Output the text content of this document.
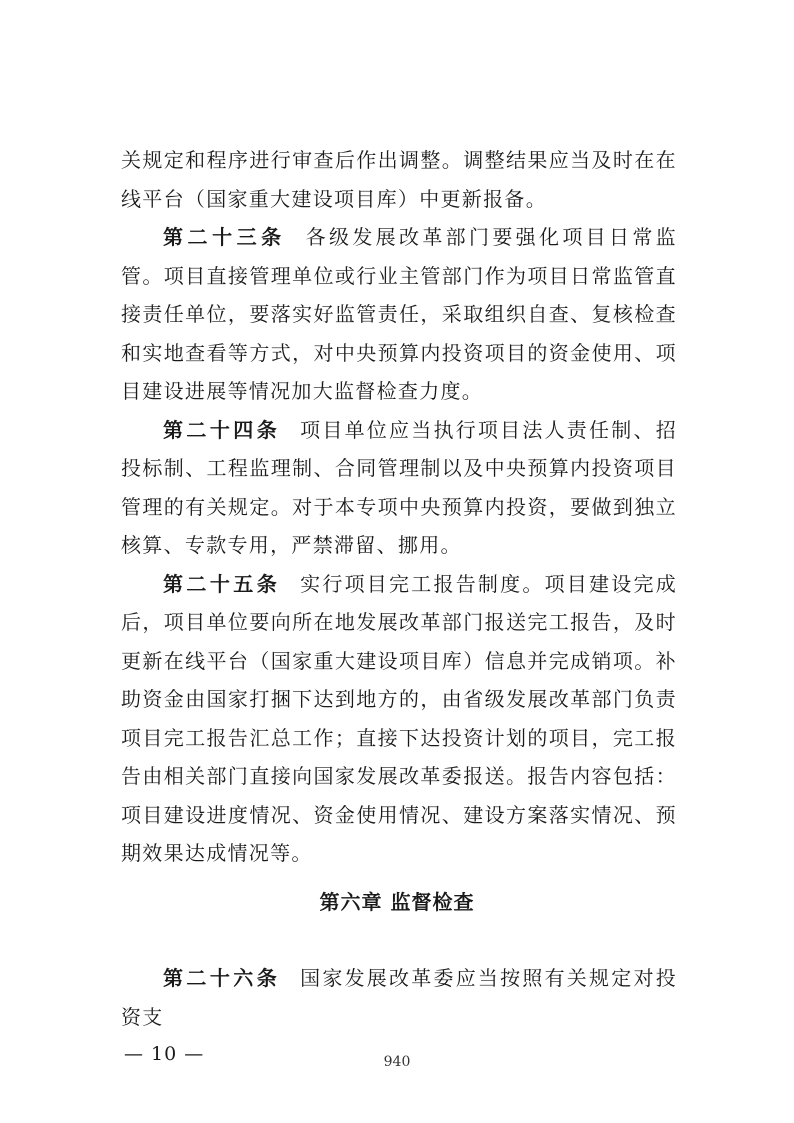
关规定和程序进行审查后作出调整。调整结果应当及时在在线平台（国家重大建设项目库）中更新报备。

第二十三条 各级发展改革部门要强化项目日常监管。项目直接管理单位或行业主管部门作为项目日常监管直接责任单位，要落实好监管责任，采取组织自查、复核检查和实地查看等方式，对中央预算内投资项目的资金使用、项目建设进展等情况加大监督检查力度。

第二十四条 项目单位应当执行项目法人责任制、招投标制、工程监理制、合同管理制以及中央预算内投资项目管理的有关规定。对于本专项中央预算内投资，要做到独立核算、专款专用，严禁滞留、挪用。

第二十五条 实行项目完工报告制度。项目建设完成后，项目单位要向所在地发展改革部门报送完工报告，及时更新在线平台（国家重大建设项目库）信息并完成销项。补助资金由国家打捆下达到地方的，由省级发展改革部门负责项目完工报告汇总工作；直接下达投资计划的项目，完工报告由相关部门直接向国家发展改革委报送。报告内容包括：项目建设进度情况、资金使用情况、建设方案落实情况、预期效果达成情况等。

第六章 监督检查

第二十六条 国家发展改革委应当按照有关规定对投资支

— 10 —	940
